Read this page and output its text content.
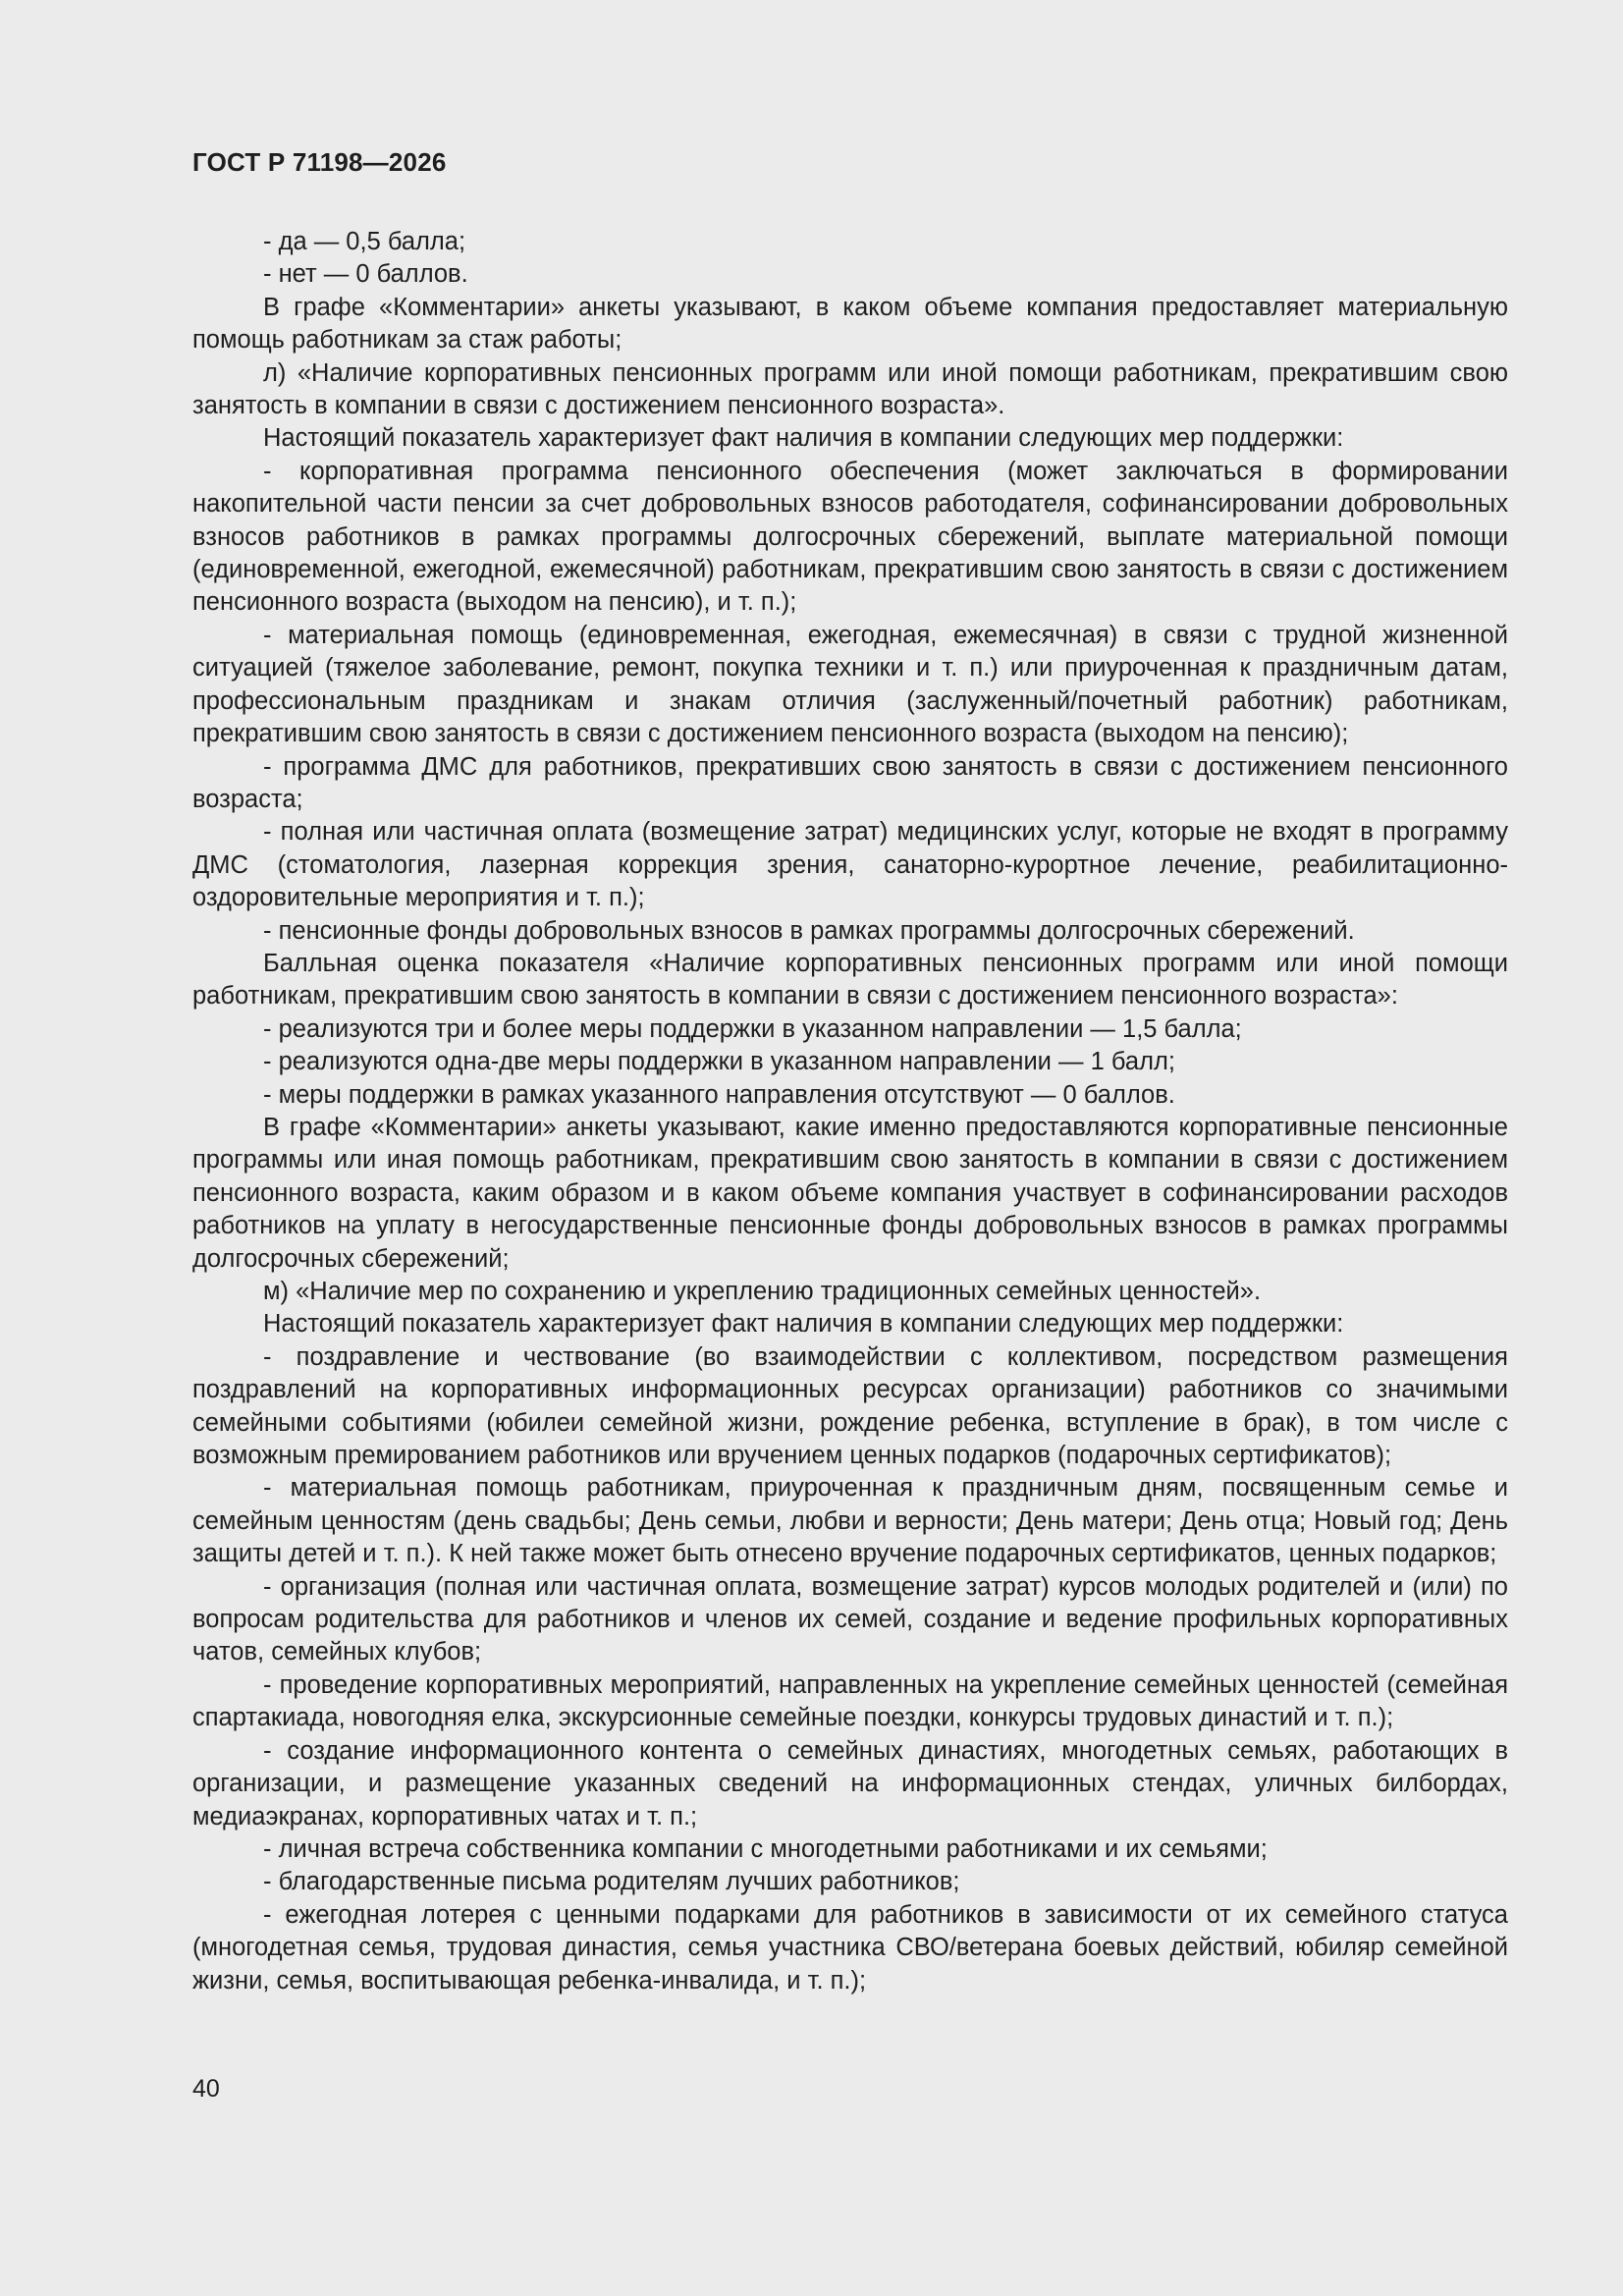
ГОСТ Р 71198—2026

- да — 0,5 балла;

- нет — 0 баллов.

В графе «Комментарии» анкеты указывают, в каком объеме компания предоставляет материальную помощь работникам за стаж работы;

л) «Наличие корпоративных пенсионных программ или иной помощи работникам, прекратившим свою занятость в компании в связи с достижением пенсионного возраста».

Настоящий показатель характеризует факт наличия в компании следующих мер поддержки:

- корпоративная программа пенсионного обеспечения (может заключаться в формировании накопительной части пенсии за счет добровольных взносов работодателя, софинансировании добровольных взносов работников в рамках программы долгосрочных сбережений, выплате материальной помощи (единовременной, ежегодной, ежемесячной) работникам, прекратившим свою занятость в связи с достижением пенсионного возраста (выходом на пенсию), и т. п.);

- материальная помощь (единовременная, ежегодная, ежемесячная) в связи с трудной жизненной ситуацией (тяжелое заболевание, ремонт, покупка техники и т. п.) или приуроченная к праздничным датам, профессиональным праздникам и знакам отличия (заслуженный/почетный работник) работникам, прекратившим свою занятость в связи с достижением пенсионного возраста (выходом на пенсию);

- программа ДМС для работников, прекративших свою занятость в связи с достижением пенсионного возраста;

- полная или частичная оплата (возмещение затрат) медицинских услуг, которые не входят в программу ДМС (стоматология, лазерная коррекция зрения, санаторно-курортное лечение, реабилитационно-оздоровительные мероприятия и т. п.);

- пенсионные фонды добровольных взносов в рамках программы долгосрочных сбережений.

Балльная оценка показателя «Наличие корпоративных пенсионных программ или иной помощи работникам, прекратившим свою занятость в компании в связи с достижением пенсионного возраста»:

- реализуются три и более меры поддержки в указанном направлении — 1,5 балла;

- реализуются одна-две меры поддержки в указанном направлении — 1 балл;

- меры поддержки в рамках указанного направления отсутствуют — 0 баллов.

В графе «Комментарии» анкеты указывают, какие именно предоставляются корпоративные пенсионные программы или иная помощь работникам, прекратившим свою занятость в компании в связи с достижением пенсионного возраста, каким образом и в каком объеме компания участвует в софинансировании расходов работников на уплату в негосударственные пенсионные фонды добровольных взносов в рамках программы долгосрочных сбережений;

м) «Наличие мер по сохранению и укреплению традиционных семейных ценностей».

Настоящий показатель характеризует факт наличия в компании следующих мер поддержки:

- поздравление и чествование (во взаимодействии с коллективом, посредством размещения поздравлений на корпоративных информационных ресурсах организации) работников со значимыми семейными событиями (юбилеи семейной жизни, рождение ребенка, вступление в брак), в том числе с возможным премированием работников или вручением ценных подарков (подарочных сертификатов);

- материальная помощь работникам, приуроченная к праздничным дням, посвященным семье и семейным ценностям (день свадьбы; День семьи, любви и верности; День матери; День отца; Новый год; День защиты детей и т. п.). К ней также может быть отнесено вручение подарочных сертификатов, ценных подарков;

- организация (полная или частичная оплата, возмещение затрат) курсов молодых родителей и (или) по вопросам родительства для работников и членов их семей, создание и ведение профильных корпоративных чатов, семейных клубов;

- проведение корпоративных мероприятий, направленных на укрепление семейных ценностей (семейная спартакиада, новогодняя елка, экскурсионные семейные поездки, конкурсы трудовых династий и т. п.);

- создание информационного контента о семейных династиях, многодетных семьях, работающих в организации, и размещение указанных сведений на информационных стендах, уличных билбордах, медиаэкранах, корпоративных чатах и т. п.;

- личная встреча собственника компании с многодетными работниками и их семьями;

- благодарственные письма родителям лучших работников;

- ежегодная лотерея с ценными подарками для работников в зависимости от их семейного статуса (многодетная семья, трудовая династия, семья участника СВО/ветерана боевых действий, юбиляр семейной жизни, семья, воспитывающая ребенка-инвалида, и т. п.);

40
